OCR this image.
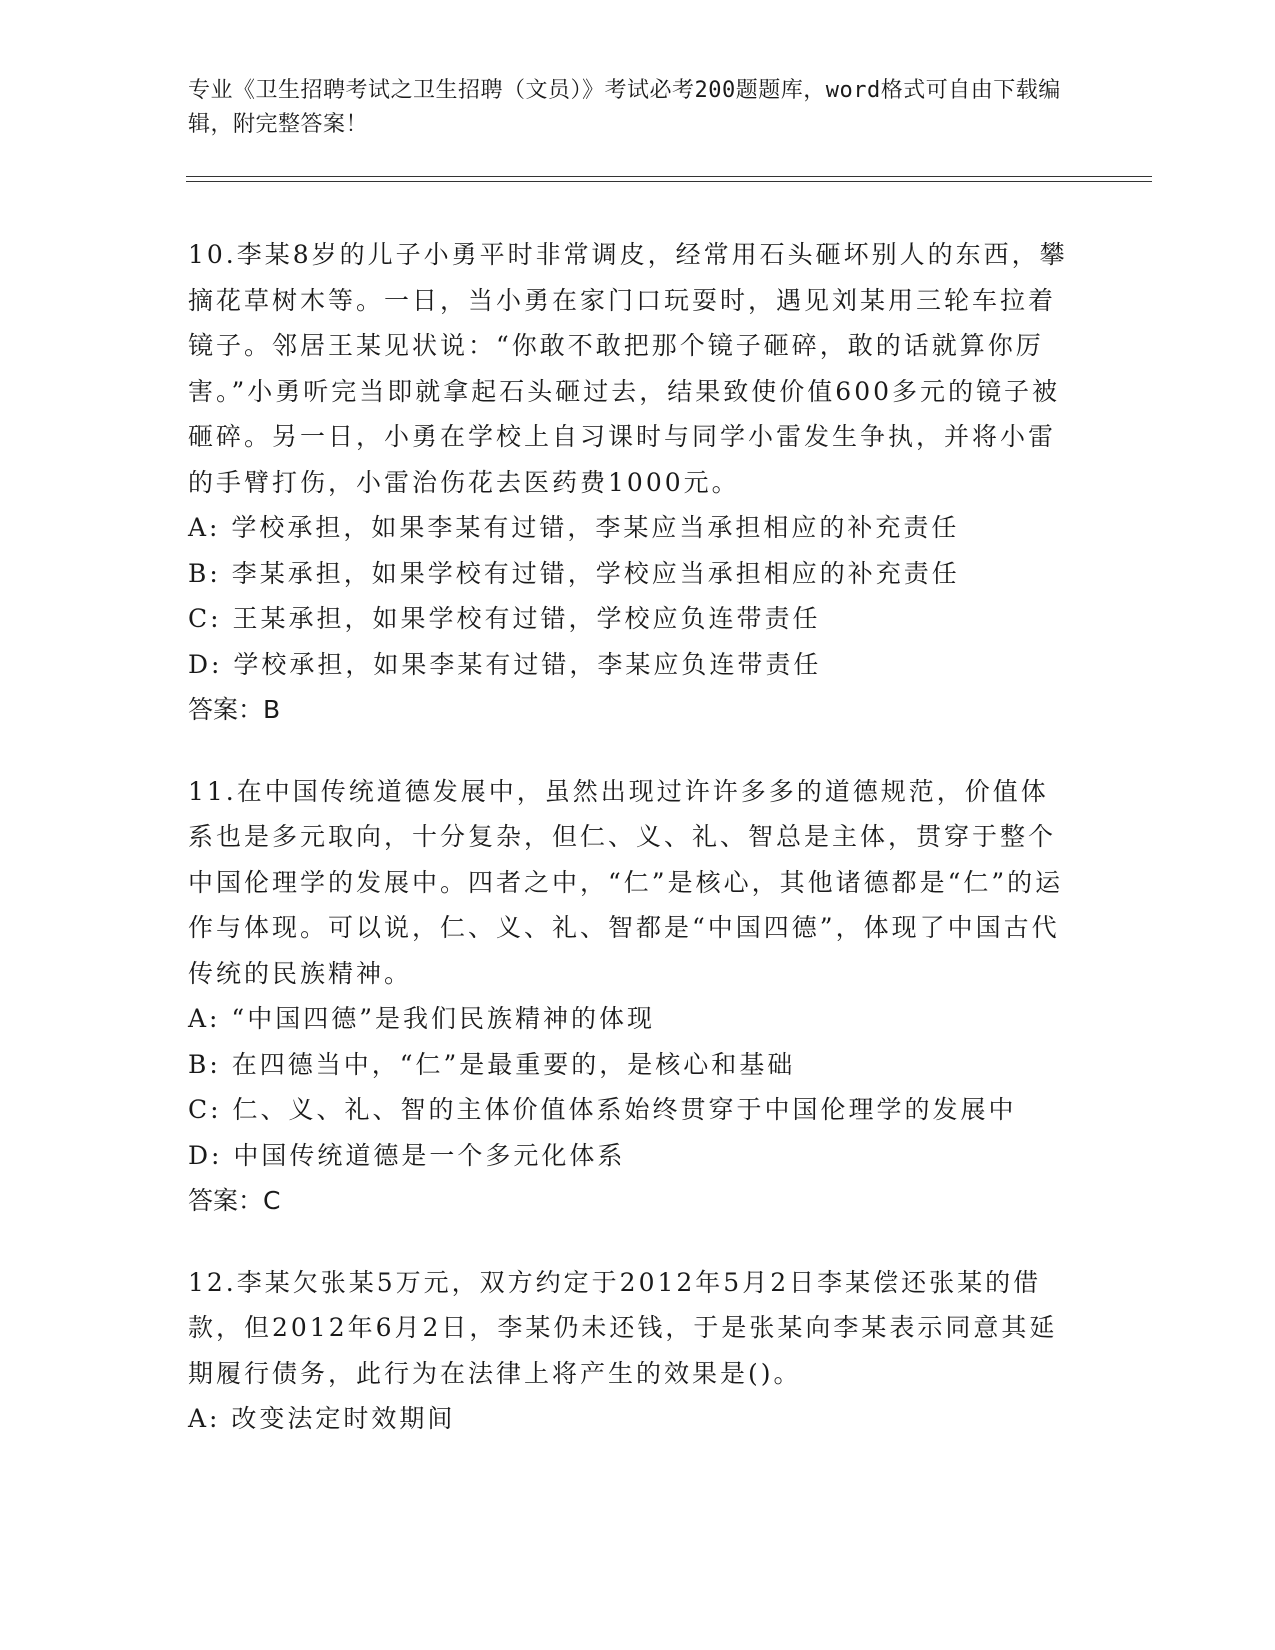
专业《卫生招聘考试之卫生招聘（文员）》考试必考200题题库，word格式可自由下载编辑，附完整答案！

10.李某8岁的儿子小勇平时非常调皮，经常用石头砸坏别人的东西，攀摘花草树木等。一日，当小勇在家门口玩耍时，遇见刘某用三轮车拉着镜子。邻居王某见状说：“你敢不敢把那个镜子砸碎，敢的话就算你厉害。”小勇听完当即就拿起石头砸过去，结果致使价值600多元的镜子被砸碎。另一日，小勇在学校上自习课时与同学小雷发生争执，并将小雷的手臂打伤，小雷治伤花去医药费1000元。

A: 学校承担，如果李某有过错，李某应当承担相应的补充责任

B: 李某承担，如果学校有过错，学校应当承担相应的补充责任

C: 王某承担，如果学校有过错，学校应负连带责任

D: 学校承担，如果李某有过错，李某应负连带责任

答案：B

11.在中国传统道德发展中，虽然出现过许许多多的道德规范，价值体系也是多元取向，十分复杂，但仁、义、礼、智总是主体，贯穿于整个中国伦理学的发展中。四者之中，“仁”是核心，其他诸德都是“仁”的运作与体现。可以说，仁、义、礼、智都是“中国四德”，体现了中国古代传统的民族精神。

A: “中国四德”是我们民族精神的体现

B: 在四德当中，“仁”是最重要的，是核心和基础

C: 仁、义、礼、智的主体价值体系始终贯穿于中国伦理学的发展中

D: 中国传统道德是一个多元化体系

答案：C

12.李某欠张某5万元，双方约定于2012年5月2日李某偿还张某的借款，但2012年6月2日，李某仍未还钱，于是张某向李某表示同意其延期履行债务，此行为在法律上将产生的效果是()。

A: 改变法定时效期间
